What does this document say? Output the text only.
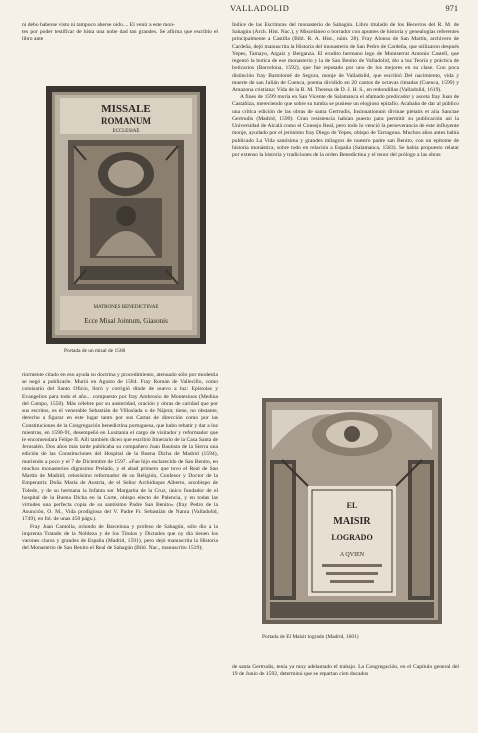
VALLADOLID	971

ni debo haberse visto ni tampoco aberse oido.... El venir a este mon-

tes por poder testificar de hista una nobe dad tan grandes. Se afirma que escribio el libro ante

MISSALE
ROMANUM
ECCLESIAE
MATRONES BENEDICTINAE
Ecce Misal Jointum, Giasonis
Portada de un misal de 1568

Indice de las Escrituras del monasterio de Sahagún. Libro titulado de los Becerros del R. M. de Sahagún (Arch. Hist. Nac.), y Misceláneo o borrador con apuntes de historia y genealogías referentes principalmente a Castilla (Bibl. R. A. Hist., núm. 28). Fray Alonso de San Martín, archivero de Cardeña, dejó manuscrita la Historia del monasterio de San Pedro de Cardeña, que utilizaron después Yepes, Tamayo, Argaiz y Berganza. El erudito hermano lego de Montserrat Antonio Castell, que regentó la botica de ese monasterio y la de San Benito de Valladolid, dio a luz Teoría y práctica de boticarios (Barcelona, 1592), que fue reputado por uno de los mejores en su clase. Con poca distinción fray Bartolomé de Segura, monje de Valladolid, que escribió Del nacimiento, vida y muerte de san Julián de Cuenca, poema dividido en 20 cantos de octavas rimadas (Cuenca, 1599) y Amazona cristiana: Vida de la B. M. Theresa de D. J. H. S., en redondillas (Valladolid, 1619).

A fines de 1599 moría en San Vicente de Salamanca el afamado predicador y asceta fray Juan de Castañiza, mereciendo que sobre su tumba se pusiese un elogioso epitafio. Acababa de dar al público una crítica edición de las obras de santa Gertrudis, Insinuationum divinae pietatis et aiia Sanctae Gertrudis (Madrid, 1599). Gran resistencia habían puesto para permitir su publicación así la Universidad de Alcalá como el Consejo Real, pero todo lo venció la perseverancia de este influyente monje, ayudado por el jerónimo fray Diego de Yepes, obispo de Tarragona. Muchos años antes había publicado La Vida santísima y grandes milagros de nuestro padre san Benito, con un epítome de historia monástica, sobre todo en relación a España (Salamanca, 1583). Se había propuesto relatar por extenso la historia y tradiciones de la orden Benedictina y el tenor del prólogo a las obras

riormente citado en eso ayuda su doctrina y procedimiento, atenuado sólo por modestia se negó a publicarle. Murió en Agosto de 1584. Fray Román de Vallecillo, como comisario del Santo Oficio, lloró y corrigió dinde de nuevo a luz: Epístolas y Evangelios para todo el año... compuesto por fray Ambrosio de Montesinos (Medina del Campo, 1550). Más célebre por su austeridad, oración y obras de caridad que por sus escritos, es el venerable Sebastián de Villoslada o de Nájera; tiene, no obstante, derecho a figurar en este lugar tanto por sus Cartas de dirección como por las Constituciones de la Congregación benedictina portuguesa, que hubo rebatir y dar a luz mientras, en 1590-91, desempeñó en Lusitania el cargo de visitador y reformador que le encomendara Felipe II. Allí también dicen que escribió Itinerario de la Casa Santa de Jerusalén. Dos años más tarde publicaba su compañero Juan Bautista de la Sierra una edición de las Constituciones del Hospital de la Buena Dicha de Madrid (1594), muriendo a poco y el 7 de Diciembre de 1597. «Fue hijo esclarecido de San Benito, en muchos monasterios dignísimo Prelado, y el abad primero que tuvo el Real de San Martín de Madrid; celosísimo reformador de su Religión, Confesor y Doctor de la Emperatriz Doña María de Austria, de el Señor Archiduque Alberto, arzobispo de Toledo, y de su hermana la Infanta sor Margarita de la Cruz, único fundador de el hospital de la Buena Dicha en la Corte, obispo electo de Palencia, y en todas las virtudes una perfecta copia de su santísimo Padre San Benito» (fray Pedro de la Asunción, O. M., Vida prodigiosa del V. Padre Fr. Sebastián de Nanra (Valladolid, 1749), en fol. de unas 450 págs.).

Fray Juan Cantolla, oriundo de Barcelona y profeso de Sahagún, sólo dio a la imprenta Tratado de la Nobleza y de los Títulos y Dictados que oy día tienen los varones claros y grandes de España (Madrid, 1591), pero dejó manuscrita la Historia del Monasterio de San Benito el Real de Sahagún (Bibl. Nac., manuscrito 1519);

EL
MAISIR
LOGRADO
A QVIEN
Portada de El Maisir logrado (Madrid, 1601)

de santa Gertrudis, tenía ya muy adelantado el trabajo. La Congregación, en el Capítulo general del 19 de Junio de 1592, determinó que se repartan cien ducados
